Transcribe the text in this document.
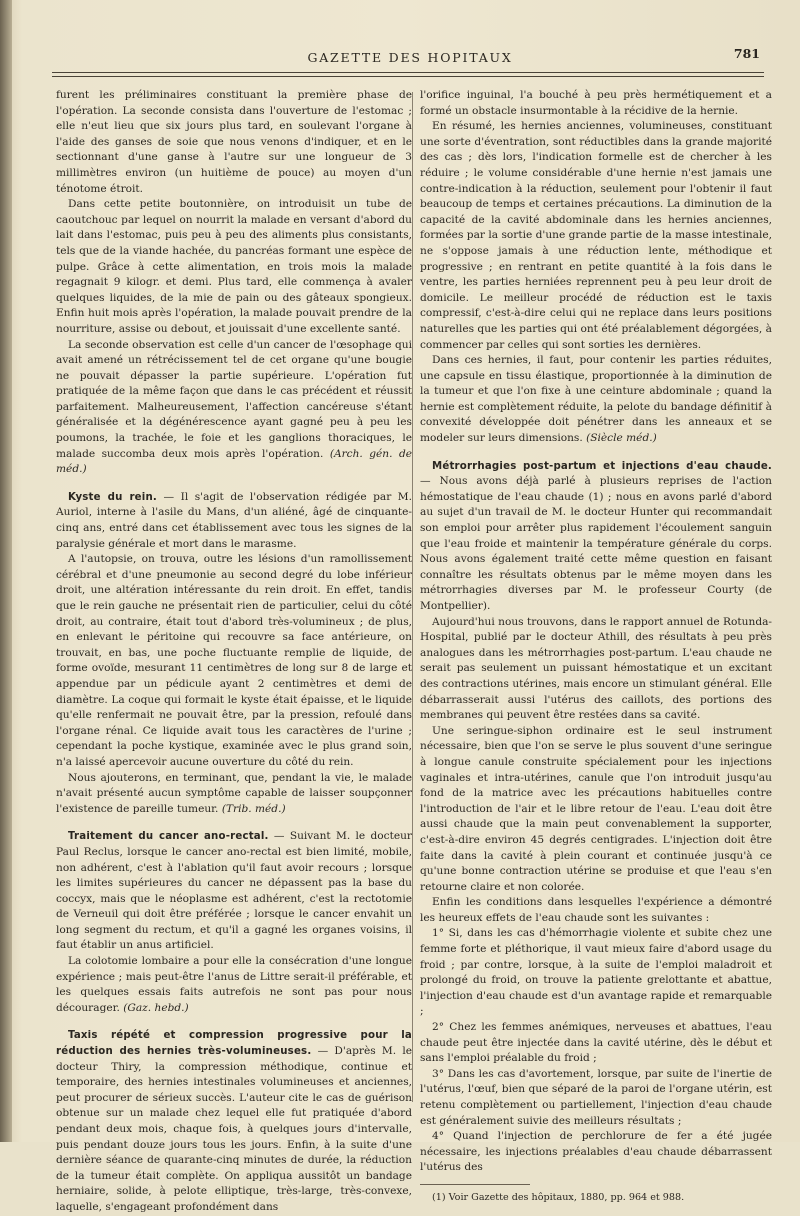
GAZETTE DES HOPITAUX	781

furent les préliminaires constituant la première phase de l'opération. La seconde consista dans l'ouverture de l'estomac ; elle n'eut lieu que six jours plus tard, en soulevant l'organe à l'aide des ganses de soie que nous venons d'indiquer, et en le sectionnant d'une ganse à l'autre sur une longueur de 3 millimètres environ (un huitième de pouce) au moyen d'un ténotome étroit.

Dans cette petite boutonnière, on introduisit un tube de caoutchouc par lequel on nourrit la malade en versant d'abord du lait dans l'estomac, puis peu à peu des aliments plus consistants, tels que de la viande hachée, du pancréas formant une espèce de pulpe. Grâce à cette alimentation, en trois mois la malade regagnait 9 kilogr. et demi. Plus tard, elle commença à avaler quelques liquides, de la mie de pain ou des gâteaux spongieux. Enfin huit mois après l'opération, la malade pouvait prendre de la nourriture, assise ou debout, et jouissait d'une excellente santé.

La seconde observation est celle d'un cancer de l'œsophage qui avait amené un rétrécissement tel de cet organe qu'une bougie ne pouvait dépasser la partie supérieure. L'opération fut pratiquée de la même façon que dans le cas précédent et réussit parfaitement. Malheureusement, l'affection cancéreuse s'étant généralisée et la dégénérescence ayant gagné peu à peu les poumons, la trachée, le foie et les ganglions thoraciques, le malade succomba deux mois après l'opération. (Arch. gén. de méd.)

Kyste du rein. — Il s'agit de l'observation rédigée par M. Auriol, interne à l'asile du Mans, d'un aliéné, âgé de cinquante-cinq ans, entré dans cet établissement avec tous les signes de la paralysie générale et mort dans le marasme.

A l'autopsie, on trouva, outre les lésions d'un ramollissement cérébral et d'une pneumonie au second degré du lobe inférieur droit, une altération intéressante du rein droit. En effet, tandis que le rein gauche ne présentait rien de particulier, celui du côté droit, au contraire, était tout d'abord très-volumineux ; de plus, en enlevant le péritoine qui recouvre sa face antérieure, on trouvait, en bas, une poche fluctuante remplie de liquide, de forme ovoïde, mesurant 11 centimètres de long sur 8 de large et appendue par un pédicule ayant 2 centimètres et demi de diamètre. La coque qui formait le kyste était épaisse, et le liquide qu'elle renfermait ne pouvait être, par la pression, refoulé dans l'organe rénal. Ce liquide avait tous les caractères de l'urine ; cependant la poche kystique, examinée avec le plus grand soin, n'a laissé apercevoir aucune ouverture du côté du rein.

Nous ajouterons, en terminant, que, pendant la vie, le malade n'avait présenté aucun symptôme capable de laisser soupçonner l'existence de pareille tumeur. (Trib. méd.)

Traitement du cancer ano-rectal. — Suivant M. le docteur Paul Reclus, lorsque le cancer ano-rectal est bien limité, mobile, non adhérent, c'est à l'ablation qu'il faut avoir recours ; lorsque les limites supérieures du cancer ne dépassent pas la base du coccyx, mais que le néoplasme est adhérent, c'est la rectotomie de Verneuil qui doit être préférée ; lorsque le cancer envahit un long segment du rectum, et qu'il a gagné les organes voisins, il faut établir un anus artificiel.

La colotomie lombaire a pour elle la consécration d'une longue expérience ; mais peut-être l'anus de Littre serait-il préférable, et les quelques essais faits autrefois ne sont pas pour nous décourager. (Gaz. hebd.)

Taxis répété et compression progressive pour la réduction des hernies très-volumineuses. — D'après M. le docteur Thiry, la compression méthodique, continue et temporaire, des hernies intestinales volumineuses et anciennes, peut procurer de sérieux succès. L'auteur cite le cas de guérison obtenue sur un malade chez lequel elle fut pratiquée d'abord pendant deux mois, chaque fois, à quelques jours d'intervalle, puis pendant douze jours tous les jours. Enfin, à la suite d'une dernière séance de quarante-cinq minutes de durée, la réduction de la tumeur était complète. On appliqua aussitôt un bandage herniaire, solide, à pelote elliptique, très-large, très-convexe, laquelle, s'engageant profondément dans

l'orifice inguinal, l'a bouché à peu près hermétiquement et a formé un obstacle insurmontable à la récidive de la hernie.

En résumé, les hernies anciennes, volumineuses, constituant une sorte d'éventration, sont réductibles dans la grande majorité des cas ; dès lors, l'indication formelle est de chercher à les réduire ; le volume considérable d'une hernie n'est jamais une contre-indication à la réduction, seulement pour l'obtenir il faut beaucoup de temps et certaines précautions. La diminution de la capacité de la cavité abdominale dans les hernies anciennes, formées par la sortie d'une grande partie de la masse intestinale, ne s'oppose jamais à une réduction lente, méthodique et progressive ; en rentrant en petite quantité à la fois dans le ventre, les parties herniées reprennent peu à peu leur droit de domicile. Le meilleur procédé de réduction est le taxis compressif, c'est-à-dire celui qui ne replace dans leurs positions naturelles que les parties qui ont été préalablement dégorgées, à commencer par celles qui sont sorties les dernières.

Dans ces hernies, il faut, pour contenir les parties réduites, une capsule en tissu élastique, proportionnée à la diminution de la tumeur et que l'on fixe à une ceinture abdominale ; quand la hernie est complètement réduite, la pelote du bandage définitif à convexité développée doit pénétrer dans les anneaux et se modeler sur leurs dimensions. (Siècle méd.)

Métrorrhagies post-partum et injections d'eau chaude. — Nous avons déjà parlé à plusieurs reprises de l'action hémostatique de l'eau chaude (1) ; nous en avons parlé d'abord au sujet d'un travail de M. le docteur Hunter qui recommandait son emploi pour arrêter plus rapidement l'écoulement sanguin que l'eau froide et maintenir la température générale du corps. Nous avons également traité cette même question en faisant connaître les résultats obtenus par le même moyen dans les métrorrhagies diverses par M. le professeur Courty (de Montpellier).

Aujourd'hui nous trouvons, dans le rapport annuel de Rotunda-Hospital, publié par le docteur Athill, des résultats à peu près analogues dans les métrorrhagies post-partum. L'eau chaude ne serait pas seulement un puissant hémostatique et un excitant des contractions utérines, mais encore un stimulant général. Elle débarrasserait aussi l'utérus des caillots, des portions des membranes qui peuvent être restées dans sa cavité.

Une seringue-siphon ordinaire est le seul instrument nécessaire, bien que l'on se serve le plus souvent d'une seringue à longue canule construite spécialement pour les injections vaginales et intra-utérines, canule que l'on introduit jusqu'au fond de la matrice avec les précautions habituelles contre l'introduction de l'air et le libre retour de l'eau. L'eau doit être aussi chaude que la main peut convenablement la supporter, c'est-à-dire environ 45 degrés centigrades. L'injection doit être faite dans la cavité à plein courant et continuée jusqu'à ce qu'une bonne contraction utérine se produise et que l'eau s'en retourne claire et non colorée.

Enfin les conditions dans lesquelles l'expérience a démontré les heureux effets de l'eau chaude sont les suivantes :

1° Si, dans les cas d'hémorrhagie violente et subite chez une femme forte et pléthorique, il vaut mieux faire d'abord usage du froid ; par contre, lorsque, à la suite de l'emploi maladroit et prolongé du froid, on trouve la patiente grelottante et abattue, l'injection d'eau chaude est d'un avantage rapide et remarquable ;

2° Chez les femmes anémiques, nerveuses et abattues, l'eau chaude peut être injectée dans la cavité utérine, dès le début et sans l'emploi préalable du froid ;

3° Dans les cas d'avortement, lorsque, par suite de l'inertie de l'utérus, l'œuf, bien que séparé de la paroi de l'organe utérin, est retenu complètement ou partiellement, l'injection d'eau chaude est généralement suivie des meilleurs résultats ;

4° Quand l'injection de perchlorure de fer a été jugée nécessaire, les injections préalables d'eau chaude débarrassent l'utérus des

(1) Voir Gazette des hôpitaux, 1880, pp. 964 et 988.
